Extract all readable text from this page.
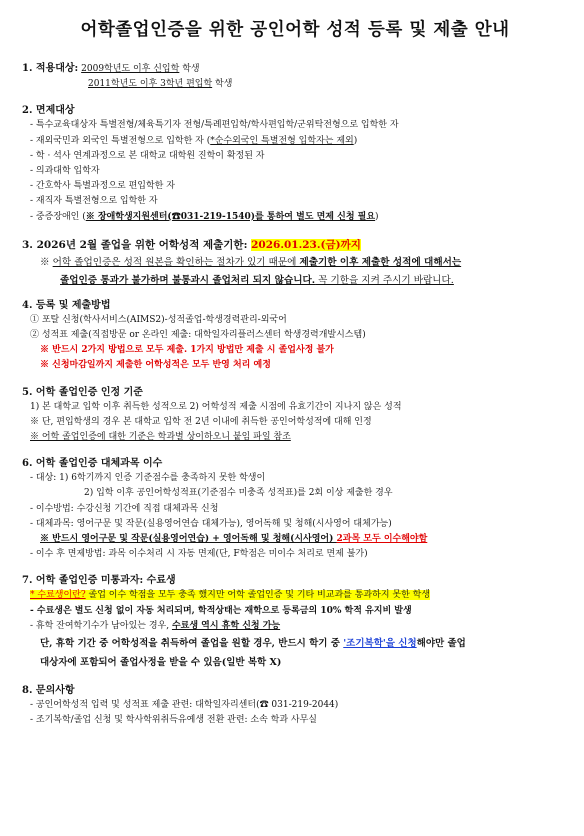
어학졸업인증을 위한 공인어학 성적 등록 및 제출 안내
1. 적용대상: 2009학년도 이후 신입학 학생
2011학년도 이후 3학년 편입학 학생
2. 면제대상
- 특수교육대상자 특별전형/체육특기자 전형/특례편입학/학사편입학/군위탁전형으로 입학한 자
- 재외국민과 외국인 특별전형으로 입학한 자 (*순수외국인 특별전형 입학자는 제외)
- 학 · 석사 연계과정으로 본 대학교 대학원 진학이 확정된 자
- 의과대학 입학자
- 간호학사 특별과정으로 편입학한 자
- 재직자 특별전형으로 입학한 자
- 중증장애인 (※ 장애학생지원센터(☎031-219-1540)를 통하여 별도 면제 신청 필요)
3. 2026년 2월 졸업을 위한 어학성적 제출기한: 2026.01.23.(금)까지
※ 어학 졸업인증은 성적 원본을 확인하는 절차가 있기 때문에 제출기한 이후 제출한 성적에 대해서는
졸업인증 통과가 불가하며 불통과시 졸업처리 되지 않습니다. 꼭 기한을 지켜 주시기 바랍니다.
4. 등록 및 제출방법
① 포탈 신청(학사서비스(AIMS2)-성적졸업-학생경력관리-외국어
② 성적표 제출(직접방문 or 온라인 제출: 대학일자리플러스센터 학생경력개발시스템)
※ 반드시 2가지 방법으로 모두 제출. 1가지 방법만 제출 시 졸업사정 불가
※ 신청마감일까지 제출한 어학성적은 모두 반영 처리 예정
5. 어학 졸업인증 인정 기준
1) 본 대학교 입학 이후 취득한 성적으로 2) 어학성적 제출 시점에 유효기간이 지나지 않은 성적
※ 단, 편입학생의 경우 본 대학교 입학 전 2년 이내에 취득한 공인어학성적에 대해 인정
※ 어학 졸업인증에 대한 기준은 학과별 상이하오니 붙임 파일 참조
6. 어학 졸업인증 대체과목 이수
- 대상: 1) 6학기까지 인증 기준점수를 충족하지 못한 학생이
2) 입학 이후 공인어학성적표(기준점수 미충족 성적표)를 2회 이상 제출한 경우
- 이수방법: 수강신청 기간에 직접 대체과목 신청
- 대체과목: 영어구문 및 작문(실용영어연습 대체가능), 영어독해 및 청해(시사영어 대체가능)
※ 반드시 영어구문 및 작문(실용영어연습) + 영어독해 및 청해(시사영어) 2과목 모두 이수해야함
- 이수 후 면제방법: 과목 이수처리 시 자동 면제(단, F학점은 미이수 처리로 면제 불가)
7. 어학 졸업인증 미통과자: 수료생
* 수료생이란? 졸업 이수 학점을 모두 충족 했지만 어학 졸업인증 및 기타 비교과를 통과하지 못한 학생
- 수료생은 별도 신청 없이 자동 처리되며, 학적상태는 재학으로 등록금의 10% 학적 유지비 발생
- 휴학 잔여학기수가 남아있는 경우, 수료생 역시 휴학 신청 가능
단, 휴학 기간 중 어학성적을 취득하여 졸업을 원할 경우, 반드시 학기 중 '조기복학'을 신청해야만 졸업
대상자에 포함되어 졸업사정을 받을 수 있음(일반 복학 X)
8. 문의사항
- 공인어학성적 입력 및 성적표 제출 관련: 대학일자리센터(☎ 031-219-2044)
- 조기복학/졸업 신청 및 학사학위취득유예생 전환 관련: 소속 학과 사무실
